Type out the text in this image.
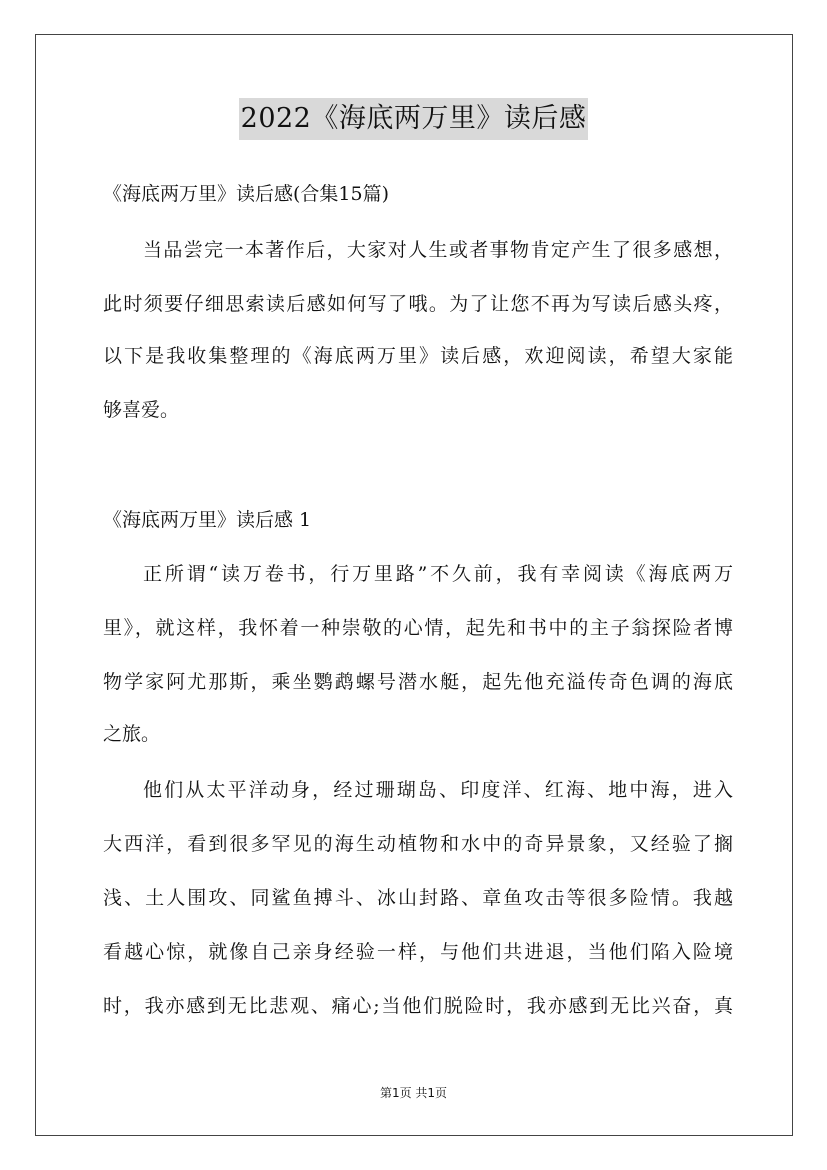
2022《海底两万里》读后感
《海底两万里》读后感(合集15篇)
当品尝完一本著作后，大家对人生或者事物肯定产生了很多感想，
此时须要仔细思索读后感如何写了哦。为了让您不再为写读后感头疼，
以下是我收集整理的《海底两万里》读后感，欢迎阅读，希望大家能
够喜爱。
《海底两万里》读后感 1
正所谓“读万卷书，行万里路”不久前，我有幸阅读《海底两万
里》，就这样，我怀着一种崇敬的心情，起先和书中的主子翁探险者博
物学家阿尤那斯，乘坐鹦鹉螺号潜水艇，起先他充溢传奇色调的海底
之旅。
他们从太平洋动身，经过珊瑚岛、印度洋、红海、地中海，进入
大西洋，看到很多罕见的海生动植物和水中的奇异景象，又经验了搁
浅、土人围攻、同鲨鱼搏斗、冰山封路、章鱼攻击等很多险情。我越
看越心惊，就像自己亲身经验一样，与他们共进退，当他们陷入险境
时，我亦感到无比悲观、痛心;当他们脱险时，我亦感到无比兴奋，真
第1页 共1页
